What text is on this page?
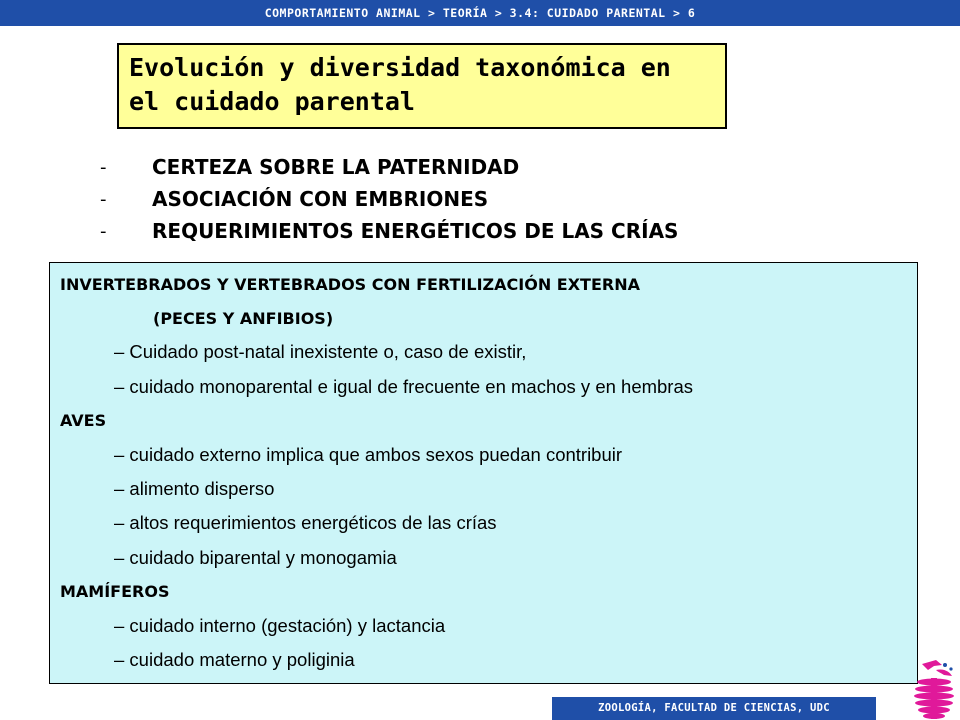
COMPORTAMIENTO ANIMAL > TEORÍA > 3.4: CUIDADO PARENTAL > 6
Evolución y diversidad taxonómica en
el cuidado parental
-	CERTEZA SOBRE LA PATERNIDAD
-	ASOCIACIÓN CON EMBRIONES
-	REQUERIMIENTOS ENERGÉTICOS DE LAS CRÍAS
INVERTEBRADOS Y VERTEBRADOS CON FERTILIZACIÓN EXTERNA
(PECES Y ANFIBIOS)
– Cuidado post-natal inexistente o, caso de existir,
– cuidado monoparental e igual de frecuente en machos y en hembras
AVES
– cuidado externo implica que ambos sexos puedan contribuir
– alimento disperso
– altos requerimientos energéticos de las crías
– cuidado biparental y monogamia
MAMÍFEROS
– cuidado interno (gestación) y lactancia
– cuidado materno y poliginia
ZOOLOGÍA, FACULTAD DE CIENCIAS, UDC
